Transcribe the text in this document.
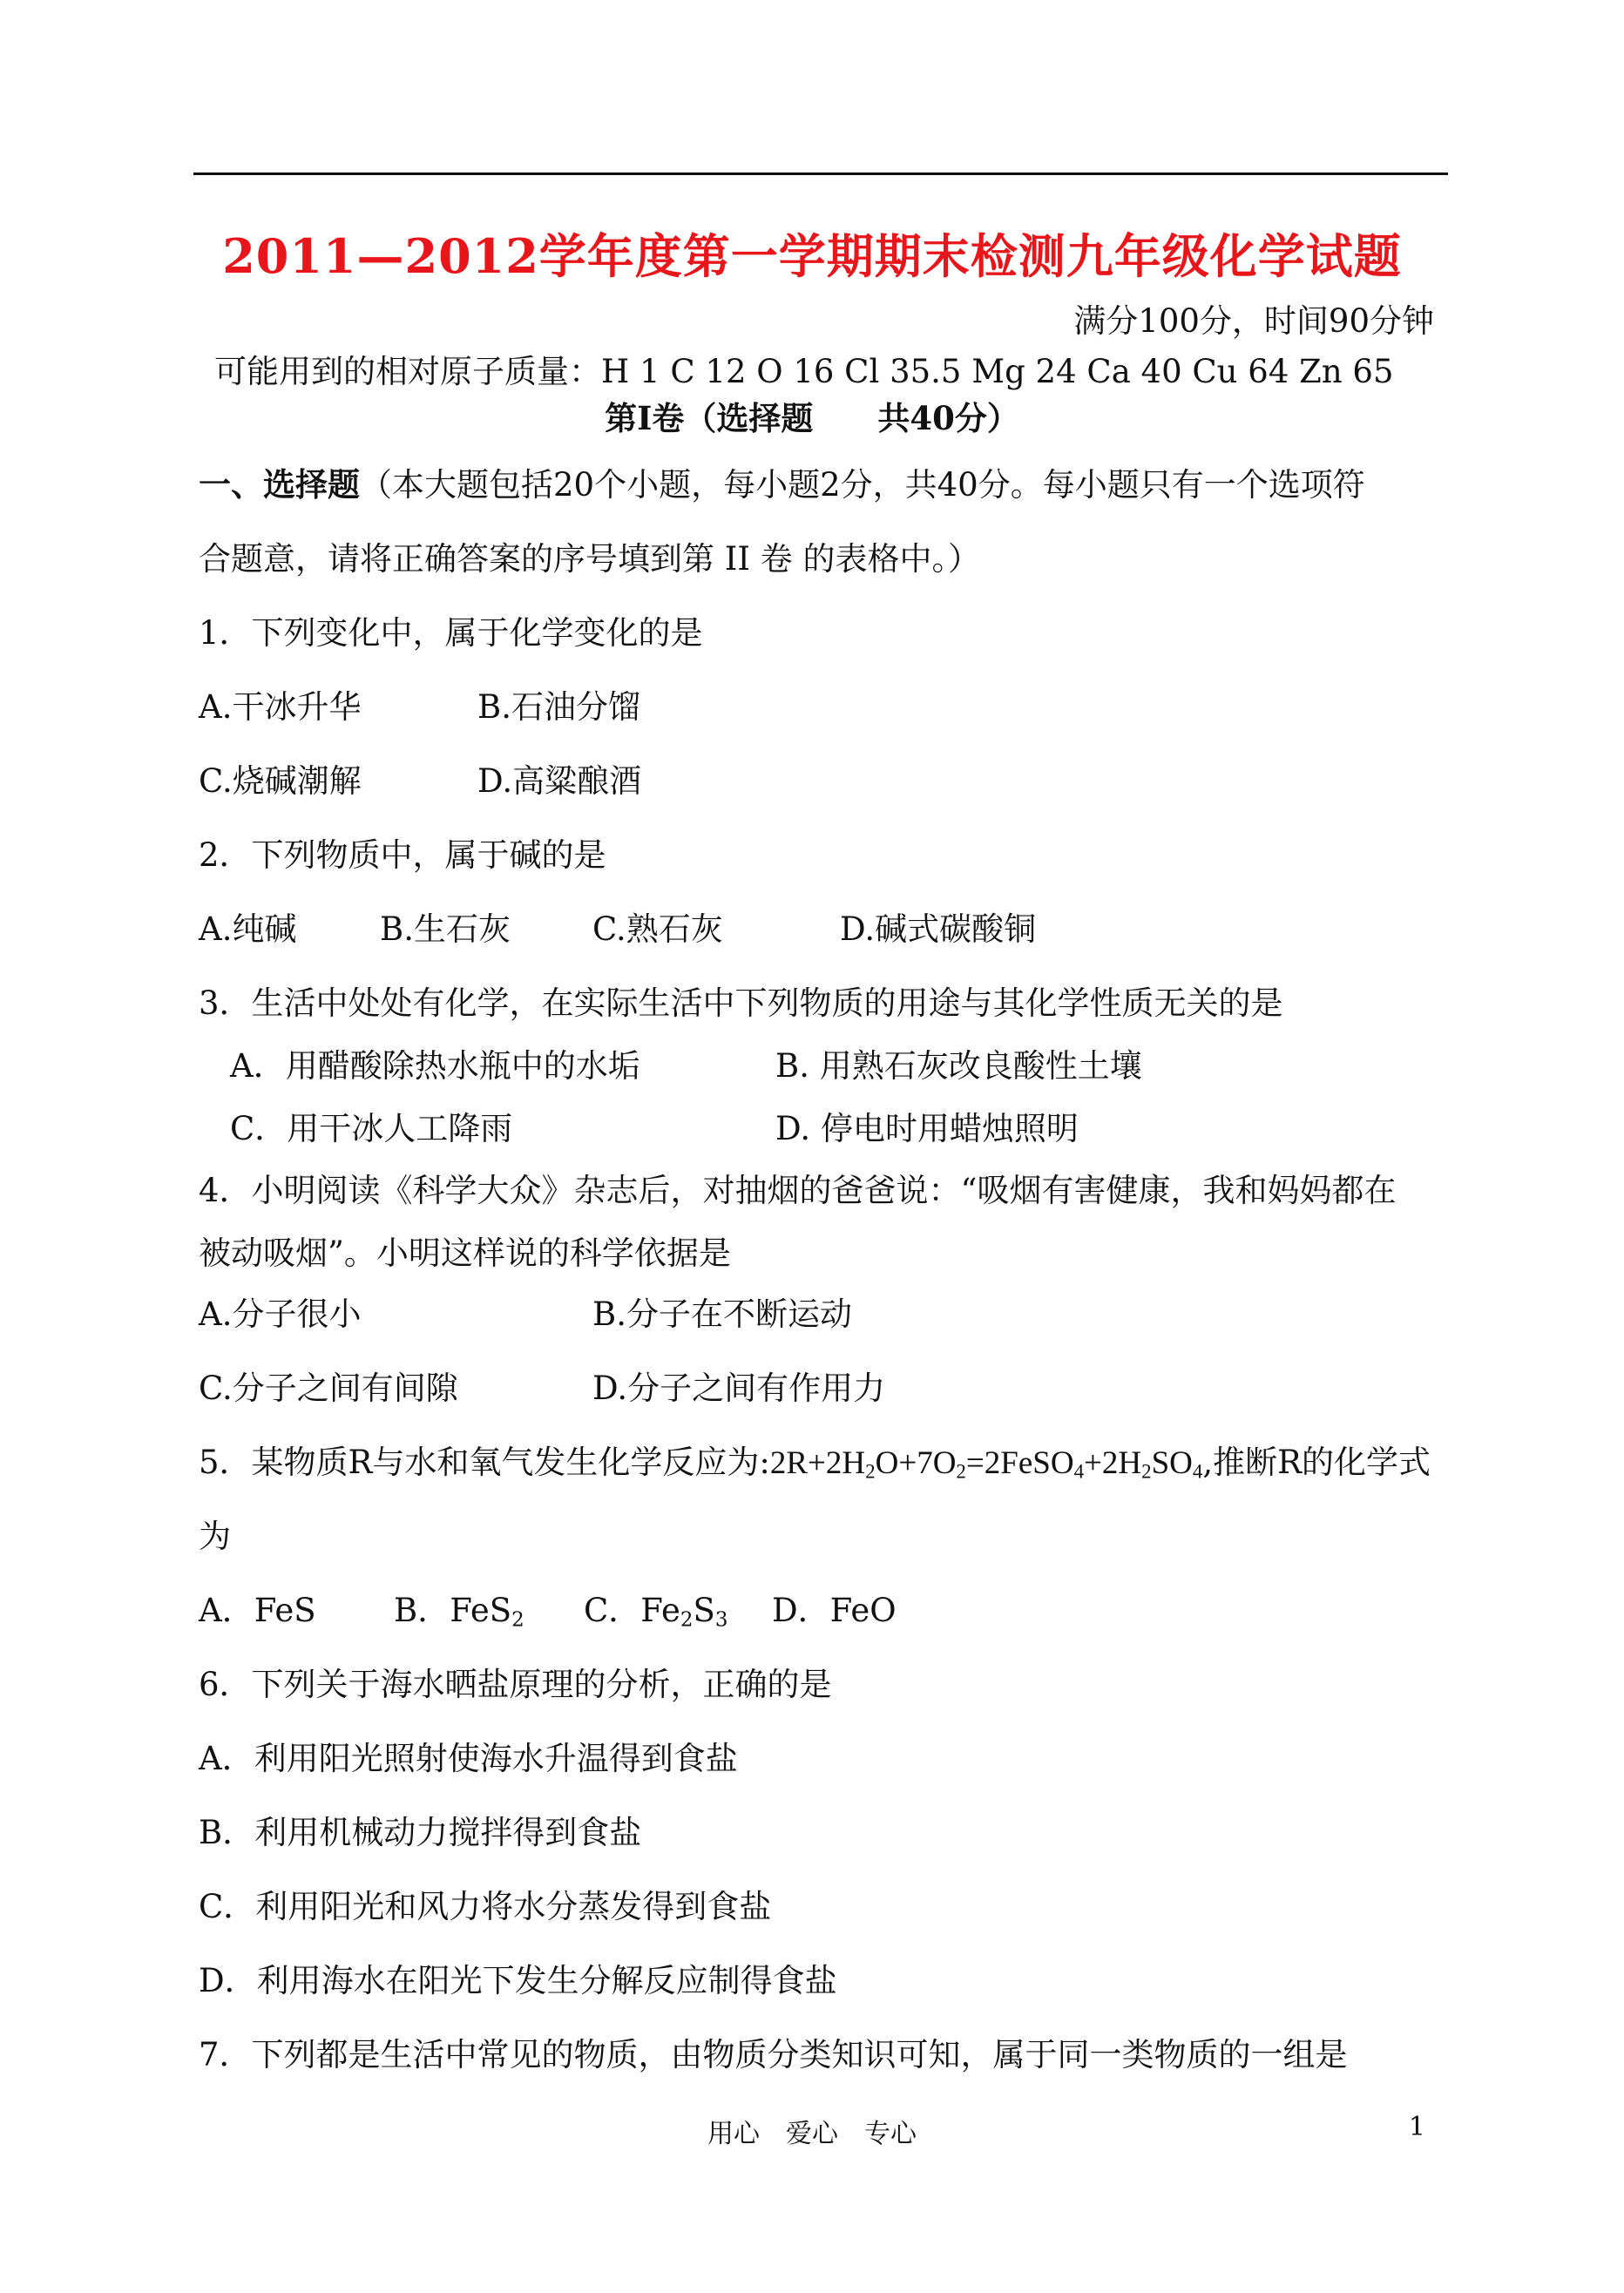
2011—2012学年度第一学期期末检测九年级化学试题
满分100分，时间90分钟
可能用到的相对原子质量：H 1 C 12 O 16 Cl 35.5 Mg 24 Ca 40 Cu 64 Zn 65
第Ⅰ卷（选择题　　共40分）
一、选择题（本大题包括20个小题，每小题2分，共40分。每小题只有一个选项符
合题意，请将正确答案的序号填到第 II 卷 的表格中。）
1．下列变化中，属于化学变化的是
A.干冰升华	B.石油分馏
C.烧碱潮解	D.高粱酿酒
2．下列物质中，属于碱的是
A.纯碱	B.生石灰	C.熟石灰	D.碱式碳酸铜
3．生活中处处有化学，在实际生活中下列物质的用途与其化学性质无关的是
A．用醋酸除热水瓶中的水垢	B. 用熟石灰改良酸性土壤
C．用干冰人工降雨	D. 停电时用蜡烛照明
4．小明阅读《科学大众》杂志后，对抽烟的爸爸说：“吸烟有害健康，我和妈妈都在
被动吸烟”。小明这样说的科学依据是
A.分子很小	B.分子在不断运动
C.分子之间有间隙	D.分子之间有作用力
5．某物质R与水和氧气发生化学反应为$:2R+2H_2O+7O_2=2FeSO_4+2H_2SO_4$,推断R的化学式
为
A．FeS B．FeS$_2$ C．$Fe_2S_3$ D．FeO
6．下列关于海水晒盐原理的分析，正确的是
A．利用阳光照射使海水升温得到食盐
B．利用机械动力搅拌得到食盐
C．利用阳光和风力将水分蒸发得到食盐
D．利用海水在阳光下发生分解反应制得食盐
7．下列都是生活中常见的物质，由物质分类知识可知，属于同一类物质的一组是
用心　爱心　专心	1
